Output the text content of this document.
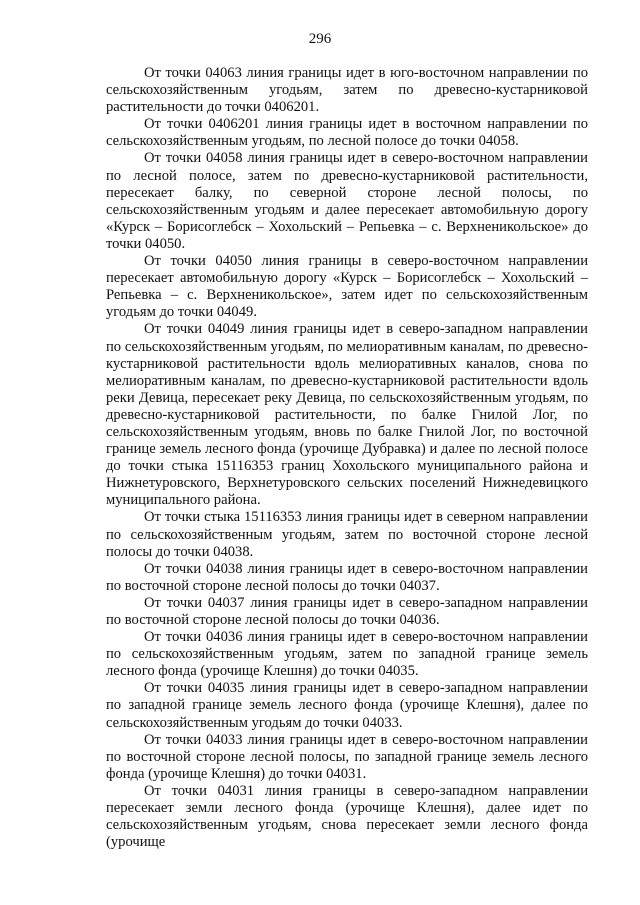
296

От точки 04063 линия границы идет в юго-восточном направлении по сельскохозяйственным угодьям, затем по древесно-кустарниковой растительности до точки 0406201.

От точки 0406201 линия границы идет в восточном направлении по сельскохозяйственным угодьям, по лесной полосе до точки 04058.

От точки 04058 линия границы идет в северо-восточном направлении по лесной полосе, затем по древесно-кустарниковой растительности, пересекает балку, по северной стороне лесной полосы, по сельскохозяйственным угодьям и далее пересекает автомобильную дорогу «Курск – Борисоглебск – Хохольский – Репьевка – с. Верхненикольское» до точки 04050.

От точки 04050 линия границы в северо-восточном направлении пересекает автомобильную дорогу «Курск – Борисоглебск – Хохольский – Репьевка – с. Верхненикольское», затем идет по сельскохозяйственным угодьям до точки 04049.

От точки 04049 линия границы идет в северо-западном направлении по сельскохозяйственным угодьям, по мелиоративным каналам, по древесно-кустарниковой растительности вдоль мелиоративных каналов, снова по мелиоративным каналам, по древесно-кустарниковой растительности вдоль реки Девица, пересекает реку Девица, по сельскохозяйственным угодьям, по древесно-кустарниковой растительности, по балке Гнилой Лог, по сельскохозяйственным угодьям, вновь по балке Гнилой Лог, по восточной границе земель лесного фонда (урочище Дубравка) и далее по лесной полосе до точки стыка 15116353 границ Хохольского муниципального района и Нижнетуровского, Верхнетуровского сельских поселений Нижнедевицкого муниципального района.

От точки стыка 15116353 линия границы идет в северном направлении по сельскохозяйственным угодьям, затем по восточной стороне лесной полосы до точки 04038.

От точки 04038 линия границы идет в северо-восточном направлении по восточной стороне лесной полосы до точки 04037.

От точки 04037 линия границы идет в северо-западном направлении по восточной стороне лесной полосы до точки 04036.

От точки 04036 линия границы идет в северо-восточном направлении по сельскохозяйственным угодьям, затем по западной границе земель лесного фонда (урочище Клешня) до точки 04035.

От точки 04035 линия границы идет в северо-западном направлении по западной границе земель лесного фонда (урочище Клешня), далее по сельскохозяйственным угодьям до точки 04033.

От точки 04033 линия границы идет в северо-восточном направлении по восточной стороне лесной полосы, по западной границе земель лесного фонда (урочище Клешня) до точки 04031.

От точки 04031 линия границы в северо-западном направлении пересекает земли лесного фонда (урочище Клешня), далее идет по сельскохозяйственным угодьям, снова пересекает земли лесного фонда (урочище
